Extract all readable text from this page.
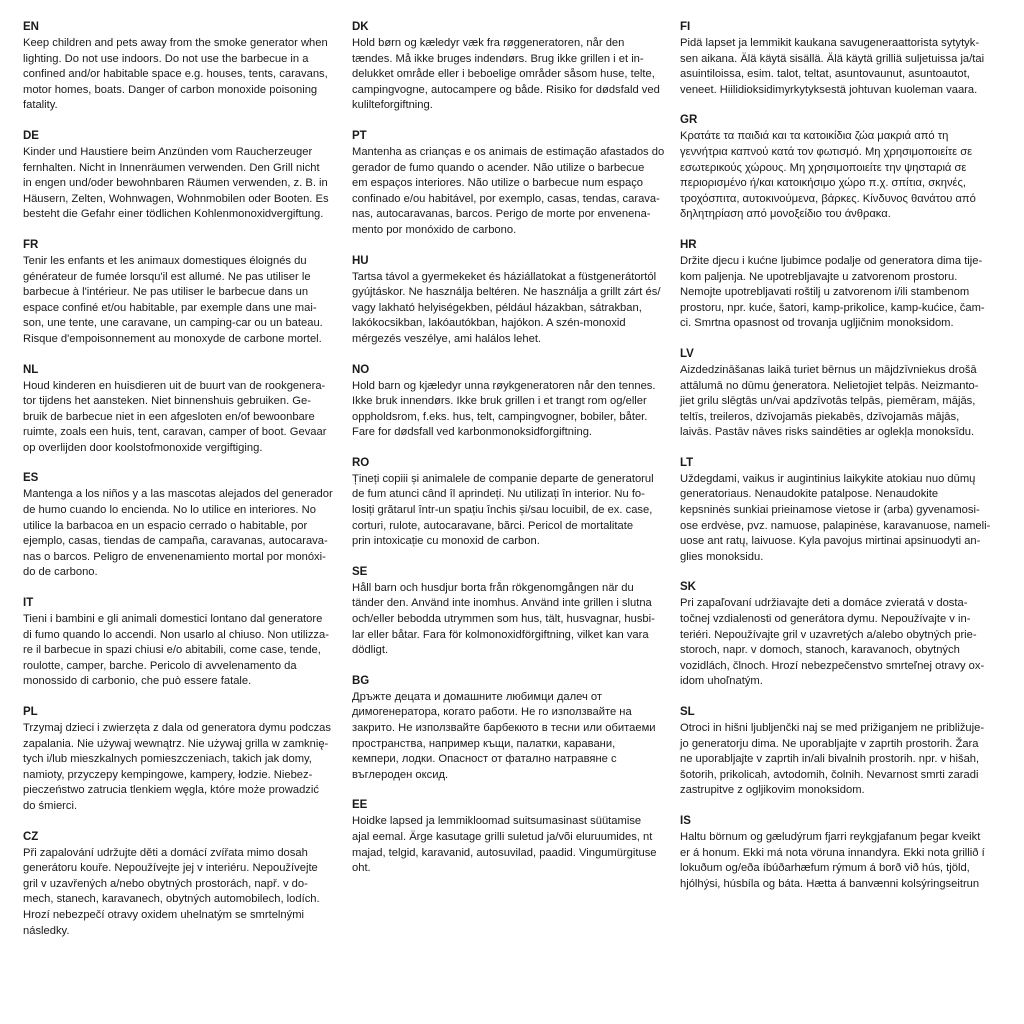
EN
Keep children and pets away from the smoke generator when
lighting. Do not use indoors. Do not use the barbecue in a
confined and/or habitable space e.g. houses, tents, caravans,
motor homes, boats. Danger of carbon monoxide poisoning
fatality.
DE
Kinder und Haustiere beim Anzünden vom Raucherzeuger
fernhalten. Nicht in Innenräumen verwenden. Den Grill nicht
in engen und/oder bewohnbaren Räumen verwenden, z. B. in
Häusern, Zelten, Wohnwagen, Wohnmobilen oder Booten. Es
besteht die Gefahr einer tödlichen Kohlenmonoxidvergiftung.
FR
Tenir les enfants et les animaux domestiques éloignés du
générateur de fumée lorsqu'il est allumé. Ne pas utiliser le
barbecue à l'intérieur. Ne pas utiliser le barbecue dans un
espace confiné et/ou habitable, par exemple dans une mai-
son, une tente, une caravane, un camping-car ou un bateau.
Risque d'empoisonnement au monoxyde de carbone mortel.
NL
Houd kinderen en huisdieren uit de buurt van de rookgenera-
tor tijdens het aansteken. Niet binnenshuis gebruiken. Ge-
bruik de barbecue niet in een afgesloten en/of bewoonbare
ruimte, zoals een huis, tent, caravan, camper of boot. Gevaar
op overlijden door koolstofmonoxide vergiftiging.
ES
Mantenga a los niños y a las mascotas alejados del generador
de humo cuando lo encienda. No lo utilice en interiores. No
utilice la barbacoa en un espacio cerrado o habitable, por
ejemplo, casas, tiendas de campaña, caravanas, autocarava-
nas o barcos. Peligro de envenenamiento mortal por monóxi-
do de carbono.
IT
Tieni i bambini e gli animali domestici lontano dal generatore
di fumo quando lo accendi. Non usarlo al chiuso. Non utilizza-
re il barbecue in spazi chiusi e/o abitabili, come case, tende,
roulotte, camper, barche. Pericolo di avvelenamento da
monossido di carbonio, che può essere fatale.
PL
Trzymaj dzieci i zwierzęta z dala od generatora dymu podczas
zapalania. Nie używaj wewnątrz. Nie używaj grilla w zamknię-
tych i/lub mieszkalnych pomieszczeniach, takich jak domy,
namioty, przyczepy kempingowe, kampery, łodzie. Niebez-
pieczeństwo zatrucia tlenkiem węgla, które może prowadzić
do śmierci.
CZ
Při zapalování udržujte děti a domácí zvířata mimo dosah
generátoru kouře. Nepoužívejte jej v interiéru. Nepoužívejte
gril v uzavřených a/nebo obytných prostorách, např. v do-
mech, stanech, karavanech, obytných automobilech, lodích.
Hrozí nebezpečí otravy oxidem uhelnatým se smrtelnými
následky.
DK
Hold børn og kæledyr væk fra røggeneratoren, når den
tændes. Må ikke bruges indendørs. Brug ikke grillen i et in-
delukket område eller i beboelige områder såsom huse, telte,
campingvogne, autocampere og både. Risiko for dødsfald ved
kulilteforgiftning.
PT
Mantenha as crianças e os animais de estimação afastados do
gerador de fumo quando o acender. Não utilize o barbecue
em espaços interiores. Não utilize o barbecue num espaço
confinado e/ou habitável, por exemplo, casas, tendas, carava-
nas, autocaravanas, barcos. Perigo de morte por envenena-
mento por monóxido de carbono.
HU
Tartsa távol a gyermekeket és háziállatokat a füstgenerátortól
gyújtáskor. Ne használja beltéren. Ne használja a grillt zárt és/
vagy lakható helyiségekben, például házakban, sátrakban,
lakókocsikban, lakóautókban, hajókon. A szén-monoxid
mérgezés veszélye, ami halálos lehet.
NO
Hold barn og kjæledyr unna røykgeneratoren når den tennes.
Ikke bruk innendørs. Ikke bruk grillen i et trangt rom og/eller
oppholdsrom, f.eks. hus, telt, campingvogner, bobiler, båter.
Fare for dødsfall ved karbonmonoksidforgiftning.
RO
Țineți copiii și animalele de companie departe de generatorul
de fum atunci când îl aprindeți. Nu utilizați în interior. Nu fo-
losiți grătarul într-un spațiu închis și/sau locuibil, de ex. case,
corturi, rulote, autocaravane, bărci. Pericol de mortalitate
prin intoxicație cu monoxid de carbon.
SE
Håll barn och husdjur borta från rökgenomgången när du
tänder den. Använd inte inomhus. Använd inte grillen i slutna
och/eller bebodda utrymmen som hus, tält, husvagnar, husbi-
lar eller båtar. Fara för kolmonoxidförgiftning, vilket kan vara
dödligt.
BG
Дръжте децата и домашните любимци далеч от
димогенератора, когато работи. Не го използвайте на
закрито. Не използвайте барбекюто в тесни или обитаеми
пространства, например къщи, палатки, каравани,
кемпери, лодки. Опасност от фатално натравяне с
въглероден оксид.
EE
Hoidke lapsed ja lemmikloomad suitsumasinast süütamise
ajal eemal. Ärge kasutage grilli suletud ja/või eluruumides, nt
majad, telgid, karavanid, autosuvilad, paadid. Vingumürgituse
oht.
FI
Pidä lapset ja lemmikit kaukana savugeneraattorista sytytyk-
sen aikana. Älä käytä sisällä. Älä käytä grilliä suljetuissa ja/tai
asuintiloissa, esim. talot, teltat, asuntovaunut, asuntoautot,
veneet. Hiilidioksidimyrkytyksestä johtuvan kuoleman vaara.
GR
Κρατάτε τα παιδιά και τα κατοικίδια ζώα μακριά από τη
γεννήτρια καπνού κατά τον φωτισμό. Μη χρησιμοποιείτε σε
εσωτερικούς χώρους. Μη χρησιμοποιείτε την ψησταριά σε
περιορισμένο ή/και κατοικήσιμο χώρο π.χ. σπίτια, σκηνές,
τροχόσπιτα, αυτοκινούμενα, βάρκες. Κίνδυνος θανάτου από
δηλητηρίαση από μονοξείδιο του άνθρακα.
HR
Držite djecu i kućne ljubimce podalje od generatora dima tije-
kom paljenja. Ne upotrebljavajte u zatvorenom prostoru.
Nemojte upotrebljavati roštilj u zatvorenom i/ili stambenom
prostoru, npr. kuće, šatori, kamp-prikolice, kamp-kućice, čam-
ci. Smrtna opasnost od trovanja ugljičnim monoksidom.
LV
Aizdedzināšanas laikā turiet bērnus un mājdzīvniekus drošā
attālumā no dūmu ģeneratora. Nelietojiet telpās. Neizmanto-
jiet grilu slēgtās un/vai apdzīvotās telpās, piemēram, mājās,
teltīs, treileros, dzīvojamās piekabēs, dzīvojamās mājās,
laivās. Pastāv nāves risks saindēties ar oglekļa monoksīdu.
LT
Uždegdami, vaikus ir augintinius laikykite atokiau nuo dūmų
generatoriaus. Nenaudokite patalpose. Nenaudokite
kepsninės sunkiai prieinamose vietose ir (arba) gyvenamosi-
ose erdvėse, pvz. namuose, palapinėse, karavanuose, nameli-
uose ant ratų, laivuose. Kyla pavojus mirtinai apsinuodyti an-
glies monoksidu.
SK
Pri zapaľovaní udržiavajte deti a domáce zvieratá v dosta-
točnej vzdialenosti od generátora dymu. Nepoužívajte v in-
teriéri. Nepoužívajte gril v uzavretých a/alebo obytných prie-
storoch, napr. v domoch, stanoch, karavanoch, obytných
vozidlách, člnoch. Hrozí nebezpečenstvo smrteľnej otravy ox-
idom uhoľnatým.
SL
Otroci in hišni ljubljenčki naj se med prižiganjem ne približuje-
jo generatorju dima. Ne uporabljajte v zaprtih prostorih. Žara
ne uporabljajte v zaprtih in/ali bivalnih prostorih. npr. v hišah,
šotorih, prikolicah, avtodomih, čolnih. Nevarnost smrti zaradi
zastrupitve z ogljikovim monoksidom.
IS
Haltu börnum og gæludýrum fjarri reykgjafanum þegar kveikt
er á honum. Ekki má nota vöruna innandyra. Ekki nota grillið í
lokuðum og/eða íbúðarhæfum rýmum á borð við hús, tjöld,
hjólhýsi, húsbíla og báta. Hætta á banvænni kolsýringseitrun
